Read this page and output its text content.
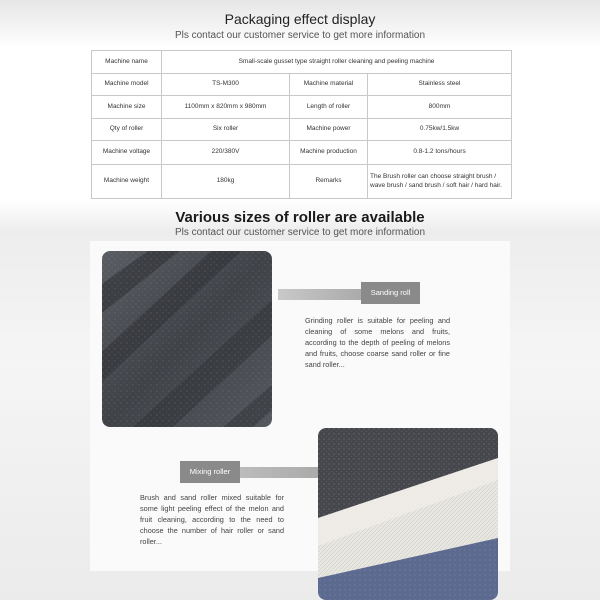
Packaging effect display
Pls contact our customer service to get more information
Machine name	Small-scale gusset type straight roller cleaning and peeling machine		
Machine model	TS-M300	Machine material	Stainless steel
Machine size	1100mm x 820mm x 980mm	Length of roller	800mm
Qty of roller	Six roller	Machine power	0.75kw/1.5kw
Machine voltage	220/380V	Machine production	0.8-1.2 tons/hours
Machine weight	180kg	Remarks	The Brush roller can choose straight brush / wave brush / sand brush / soft hair / hard hair.
Various sizes of roller are available
Pls contact our customer service to get more information
Sanding roll
Grinding roller is suitable for peeling and cleaning of some melons and fruits, according to the depth of peeling of melons and fruits, choose coarse sand roller or fine sand roller...
Mixing roller
Brush and sand roller mixed suitable for some light peeling effect of the melon and fruit cleaning, according to the need to choose the number of hair roller or sand roller...
